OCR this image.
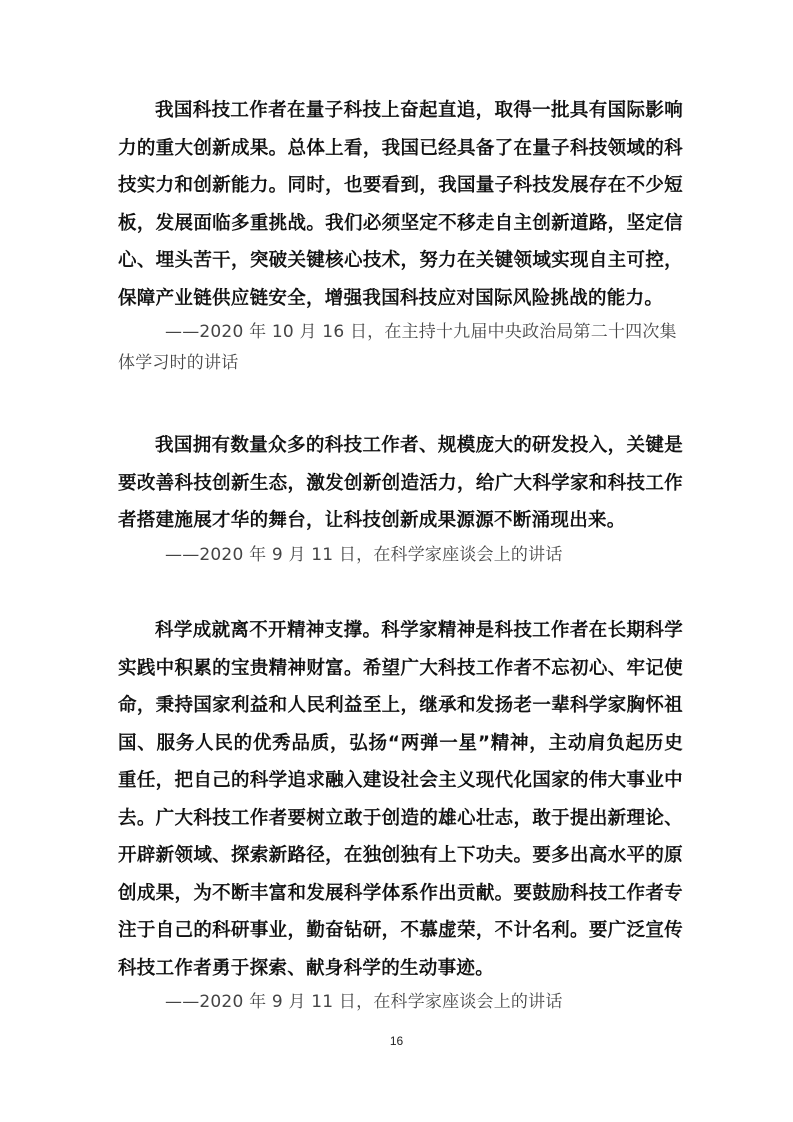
我国科技工作者在量子科技上奋起直追，取得一批具有国际影响力的重大创新成果。总体上看，我国已经具备了在量子科技领域的科技实力和创新能力。同时，也要看到，我国量子科技发展存在不少短板，发展面临多重挑战。我们必须坚定不移走自主创新道路，坚定信心、埋头苦干，突破关键核心技术，努力在关键领域实现自主可控，保障产业链供应链安全，增强我国科技应对国际风险挑战的能力。

——2020 年 10 月 16 日，在主持十九届中央政治局第二十四次集体学习时的讲话

我国拥有数量众多的科技工作者、规模庞大的研发投入，关键是要改善科技创新生态，激发创新创造活力，给广大科学家和科技工作者搭建施展才华的舞台，让科技创新成果源源不断涌现出来。

——2020 年 9 月 11 日，在科学家座谈会上的讲话

科学成就离不开精神支撑。科学家精神是科技工作者在长期科学实践中积累的宝贵精神财富。希望广大科技工作者不忘初心、牢记使命，秉持国家利益和人民利益至上，继承和发扬老一辈科学家胸怀祖国、服务人民的优秀品质，弘扬“两弹一星”精神，主动肩负起历史重任，把自己的科学追求融入建设社会主义现代化国家的伟大事业中去。广大科技工作者要树立敢于创造的雄心壮志，敢于提出新理论、开辟新领域、探索新路径，在独创独有上下功夫。要多出高水平的原创成果，为不断丰富和发展科学体系作出贡献。要鼓励科技工作者专注于自己的科研事业，勤奋钻研，不慕虚荣，不计名利。要广泛宣传科技工作者勇于探索、献身科学的生动事迹。

——2020 年 9 月 11 日，在科学家座谈会上的讲话

16
